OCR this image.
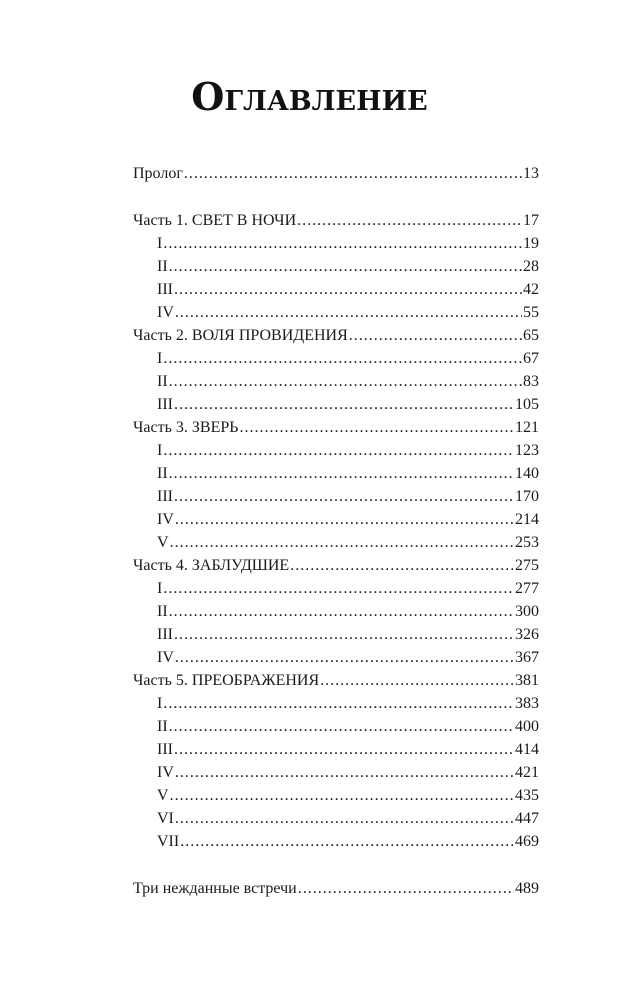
Оглавление
Пролог .....	13
Часть 1. СВЕТ В НОЧИ .....	17
I .....	19
II .....	28
III .....	42
IV .....	55
Часть 2. ВОЛЯ ПРОВИДЕНИЯ .....	65
I .....	67
II .....	83
III .....	105
Часть 3. ЗВЕРЬ .....	121
I .....	123
II .....	140
III .....	170
IV .....	214
V .....	253
Часть 4. ЗАБЛУДШИЕ .....	275
I .....	277
II .....	300
III .....	326
IV .....	367
Часть 5. ПРЕОБРАЖЕНИЯ .....	381
I .....	383
II .....	400
III .....	414
IV .....	421
V .....	435
VI .....	447
VII .....	469
Три нежданные встречи .....	489
